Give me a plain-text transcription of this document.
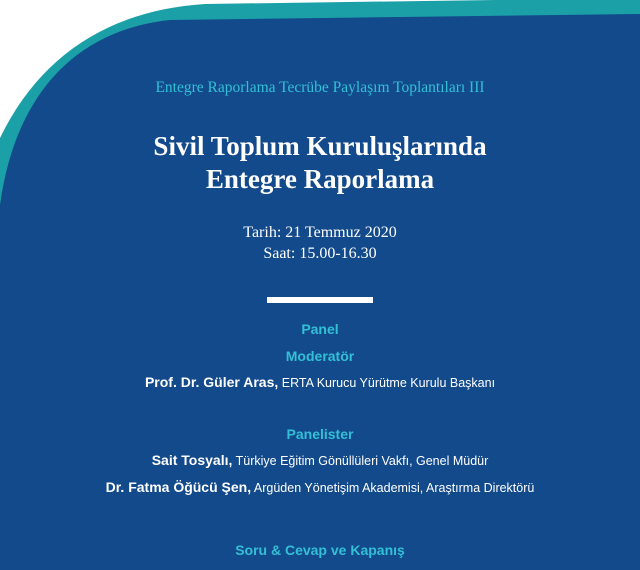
Entegre Raporlama Tecrübe Paylaşım Toplantıları III
Sivil Toplum Kuruluşlarında
Entegre Raporlama
Tarih: 21 Temmuz 2020
Saat: 15.00-16.30
Panel
Moderatör
Prof. Dr. Güler Aras, ERTA Kurucu Yürütme Kurulu Başkanı
Panelister
Sait Tosyalı, Türkiye Eğitim Gönüllüleri Vakfı, Genel Müdür
Dr. Fatma Öğücü Şen, Argüden Yönetişim Akademisi, Araştırma Direktörü
Soru & Cevap ve Kapanış
